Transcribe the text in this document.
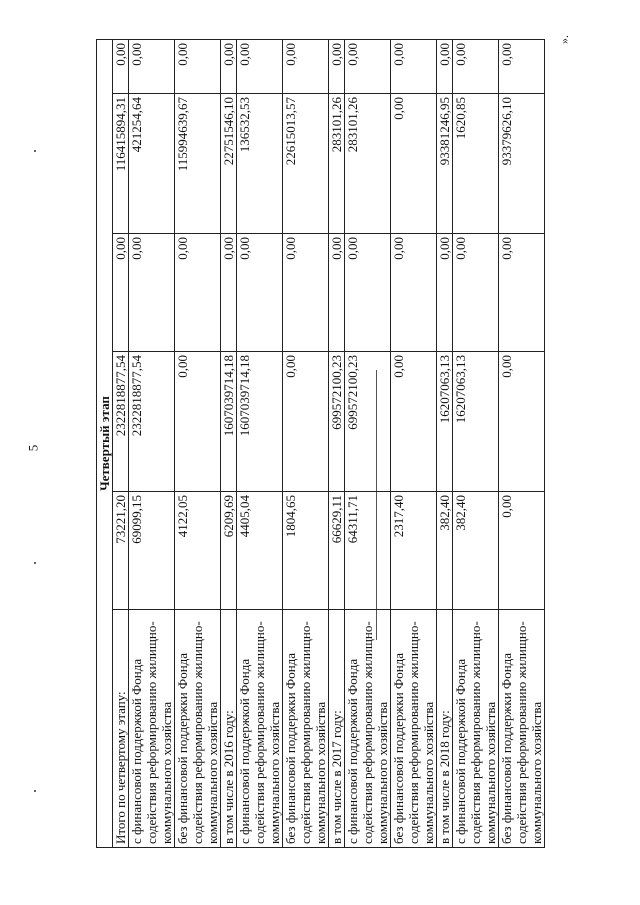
5
».
Четвертый этап					
Итого по четвертому этапу:	73221,20	2322818877,54	0,00	116415894,31	0,00
с финансовой поддержкой Фонда содействия реформированию жилищно-коммунального хозяйства	69099,15	2322818877,54	0,00	421254,64	0,00
без финансовой поддержки Фонда содействия реформированию жилищно-коммунального хозяйства	4122,05	0,00	0,00	115994639,67	0,00
в том числе в 2016 году:	6209,69	1607039714,18	0,00	22751546,10	0,00
с финансовой поддержкой Фонда содействия реформированию жилищно-коммунального хозяйства	4405,04	1607039714,18	0,00	136532,53	0,00
без финансовой поддержки Фонда содействия реформированию жилищно-коммунального хозяйства	1804,65	0,00	0,00	22615013,57	0,00
в том числе в 2017 году:	66629,11	699572100,23	0,00	283101,26	0,00
с финансовой поддержкой Фонда содействия реформированию жилищно-коммунального хозяйства	64311,71	699572100,23	0,00	283101,26	0,00
без финансовой поддержки Фонда содействия реформированию жилищно-коммунального хозяйства	2317,40	0,00	0,00	0,00	0,00
в том числе в 2018 году:	382,40	16207063,13	0,00	93381246,95	0,00
с финансовой поддержкой Фонда содействия реформированию жилищно-коммунального хозяйства	382,40	16207063,13	0,00	1620,85	0,00
без финансовой поддержки Фонда содействия реформированию жилищно-коммунального хозяйства	0,00	0,00	0,00	93379626,10	0,00
